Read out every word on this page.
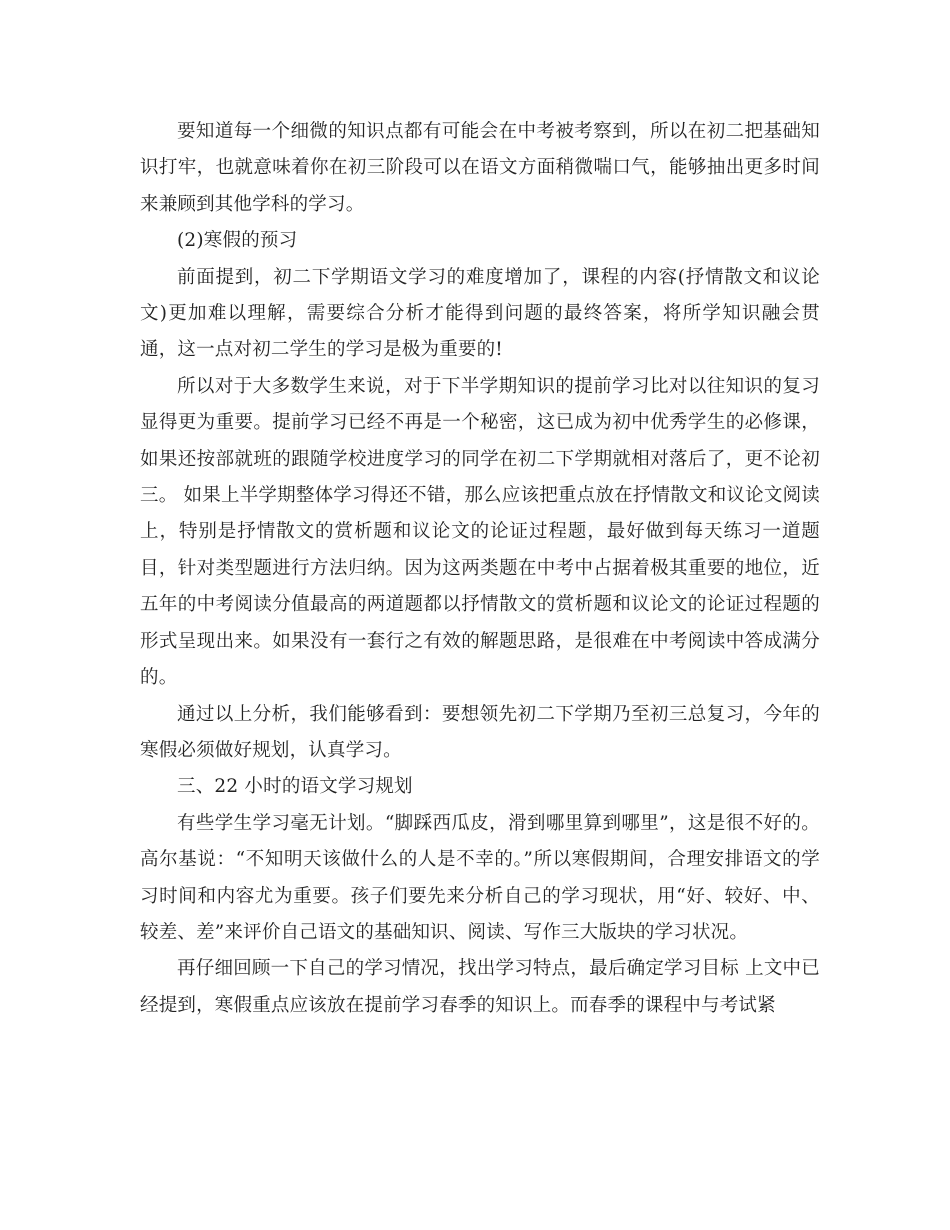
要知道每一个细微的知识点都有可能会在中考被考察到，所以在初二把基础知识打牢，也就意味着你在初三阶段可以在语文方面稍微喘口气，能够抽出更多时间来兼顾到其他学科的学习。

(2)寒假的预习

前面提到，初二下学期语文学习的难度增加了，课程的内容(抒情散文和议论文)更加难以理解，需要综合分析才能得到问题的最终答案，将所学知识融会贯通，这一点对初二学生的学习是极为重要的!

所以对于大多数学生来说，对于下半学期知识的提前学习比对以往知识的复习显得更为重要。提前学习已经不再是一个秘密，这已成为初中优秀学生的必修课，如果还按部就班的跟随学校进度学习的同学在初二下学期就相对落后了，更不论初三。 如果上半学期整体学习得还不错，那么应该把重点放在抒情散文和议论文阅读上，特别是抒情散文的赏析题和议论文的论证过程题，最好做到每天练习一道题目，针对类型题进行方法归纳。因为这两类题在中考中占据着极其重要的地位，近五年的中考阅读分值最高的两道题都以抒情散文的赏析题和议论文的论证过程题的形式呈现出来。如果没有一套行之有效的解题思路，是很难在中考阅读中答成满分的。

通过以上分析，我们能够看到：要想领先初二下学期乃至初三总复习，今年的寒假必须做好规划，认真学习。

三、22 小时的语文学习规划

有些学生学习毫无计划。“脚踩西瓜皮，滑到哪里算到哪里”，这是很不好的。高尔基说：“不知明天该做什么的人是不幸的。”所以寒假期间，合理安排语文的学习时间和内容尤为重要。孩子们要先来分析自己的学习现状，用“好、较好、中、较差、差”来评价自己语文的基础知识、阅读、写作三大版块的学习状况。

再仔细回顾一下自己的学习情况，找出学习特点，最后确定学习目标 上文中已经提到，寒假重点应该放在提前学习春季的知识上。而春季的课程中与考试紧
